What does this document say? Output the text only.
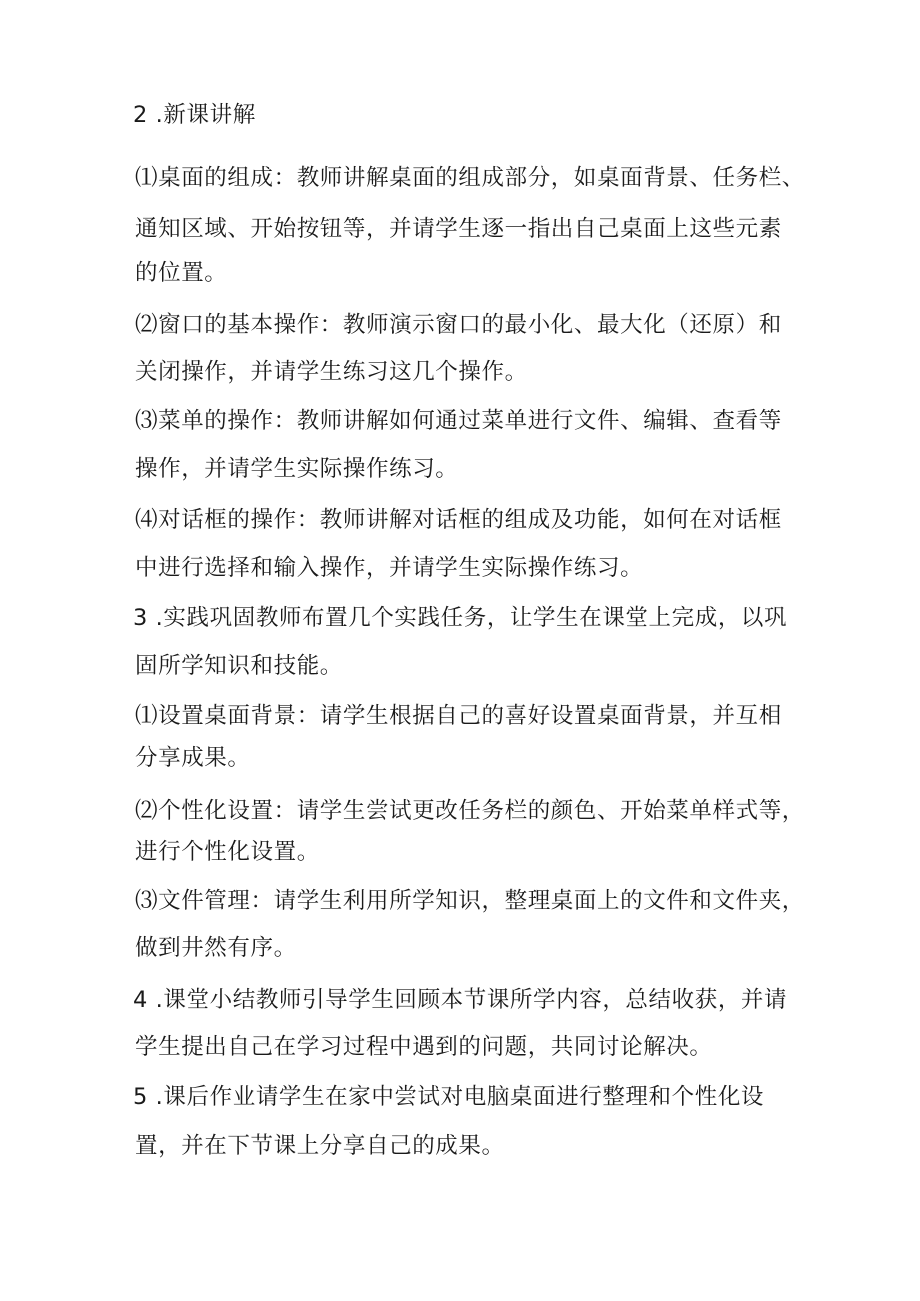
2 .新课讲解
⑴桌面的组成：教师讲解桌面的组成部分，如桌面背景、任务栏、
通知区域、开始按钮等，并请学生逐一指出自己桌面上这些元素
的位置。
⑵窗口的基本操作：教师演示窗口的最小化、最大化（还原）和
关闭操作，并请学生练习这几个操作。
⑶菜单的操作：教师讲解如何通过菜单进行文件、编辑、查看等
操作，并请学生实际操作练习。
⑷对话框的操作：教师讲解对话框的组成及功能，如何在对话框
中进行选择和输入操作，并请学生实际操作练习。
3 .实践巩固教师布置几个实践任务，让学生在课堂上完成，以巩
固所学知识和技能。
⑴设置桌面背景：请学生根据自己的喜好设置桌面背景，并互相
分享成果。
⑵个性化设置：请学生尝试更改任务栏的颜色、开始菜单样式等，
进行个性化设置。
⑶文件管理：请学生利用所学知识，整理桌面上的文件和文件夹，
做到井然有序。
4 .课堂小结教师引导学生回顾本节课所学内容，总结收获，并请
学生提出自己在学习过程中遇到的问题，共同讨论解决。
5 .课后作业请学生在家中尝试对电脑桌面进行整理和个性化设
置，并在下节课上分享自己的成果。
